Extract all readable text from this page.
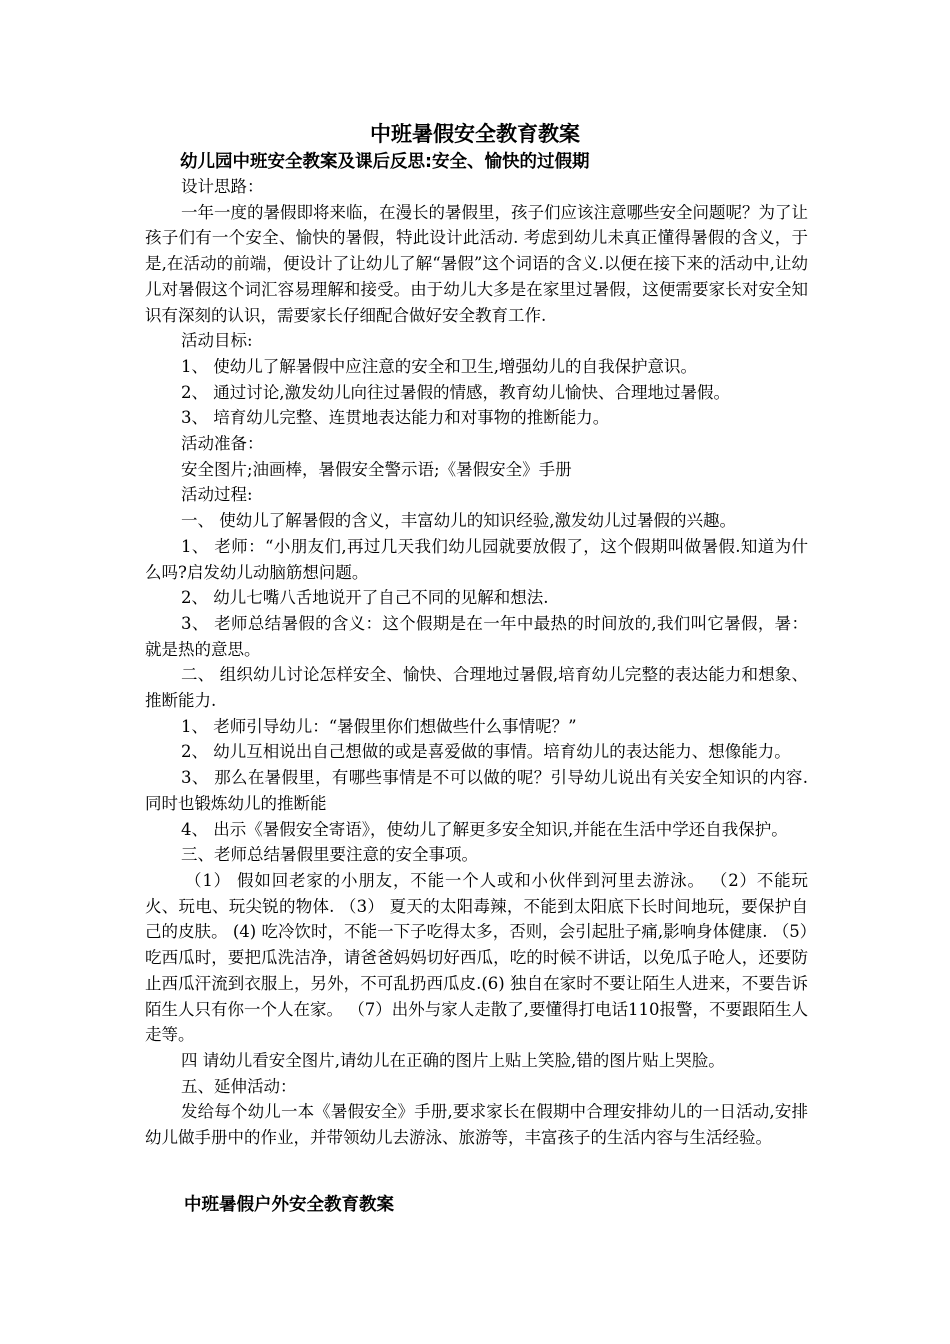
中班暑假安全教育教案
幼儿园中班安全教案及课后反思:安全、愉快的过假期

设计思路：

一年一度的暑假即将来临，在漫长的暑假里，孩子们应该注意哪些安全问题呢？为了让孩子们有一个安全、愉快的暑假，特此设计此活动. 考虑到幼儿未真正懂得暑假的含义，于是,在活动的前端，便设计了让幼儿了解“暑假”这个词语的含义.以便在接下来的活动中,让幼儿对暑假这个词汇容易理解和接受。由于幼儿大多是在家里过暑假，这便需要家长对安全知识有深刻的认识，需要家长仔细配合做好安全教育工作.

活动目标:

1、 使幼儿了解暑假中应注意的安全和卫生,增强幼儿的自我保护意识。

2、 通过讨论,激发幼儿向往过暑假的情感，教育幼儿愉快、合理地过暑假。

3、 培育幼儿完整、连贯地表达能力和对事物的推断能力。

活动准备：

安全图片;油画棒，暑假安全警示语;《暑假安全》手册

活动过程:

一、 使幼儿了解暑假的含义，丰富幼儿的知识经验,激发幼儿过暑假的兴趣。

1、 老师：“小朋友们,再过几天我们幼儿园就要放假了，这个假期叫做暑假.知道为什么吗?启发幼儿动脑筋想问题。

2、 幼儿七嘴八舌地说开了自己不同的见解和想法.

3、 老师总结暑假的含义：这个假期是在一年中最热的时间放的,我们叫它暑假，暑：就是热的意思。

二、 组织幼儿讨论怎样安全、愉快、合理地过暑假,培育幼儿完整的表达能力和想象、推断能力.

1、 老师引导幼儿：“暑假里你们想做些什么事情呢？”

2、 幼儿互相说出自己想做的或是喜爱做的事情。培育幼儿的表达能力、想像能力。

3、 那么在暑假里，有哪些事情是不可以做的呢？引导幼儿说出有关安全知识的内容.同时也锻炼幼儿的推断能

4、 出示《暑假安全寄语》，使幼儿了解更多安全知识,并能在生活中学还自我保护。

三、老师总结暑假里要注意的安全事项。

（1） 假如回老家的小朋友，不能一个人或和小伙伴到河里去游泳。 （2）不能玩火、玩电、玩尖锐的物体. （3） 夏天的太阳毒辣，不能到太阳底下长时间地玩，要保护自己的皮肤。 (4) 吃冷饮时，不能一下子吃得太多，否则，会引起肚子痛,影响身体健康. （5）吃西瓜时，要把瓜洗洁净，请爸爸妈妈切好西瓜，吃的时候不讲话，以免瓜子呛人，还要防止西瓜汗流到衣服上，另外，不可乱扔西瓜皮.(6) 独自在家时不要让陌生人进来，不要告诉陌生人只有你一个人在家。 （7）出外与家人走散了,要懂得打电话110报警，不要跟陌生人走等。

四 请幼儿看安全图片,请幼儿在正确的图片上贴上笑脸,错的图片贴上哭脸。

五、延伸活动：

发给每个幼儿一本《暑假安全》手册,要求家长在假期中合理安排幼儿的一日活动,安排幼儿做手册中的作业，并带领幼儿去游泳、旅游等，丰富孩子的生活内容与生活经验。

中班暑假户外安全教育教案
